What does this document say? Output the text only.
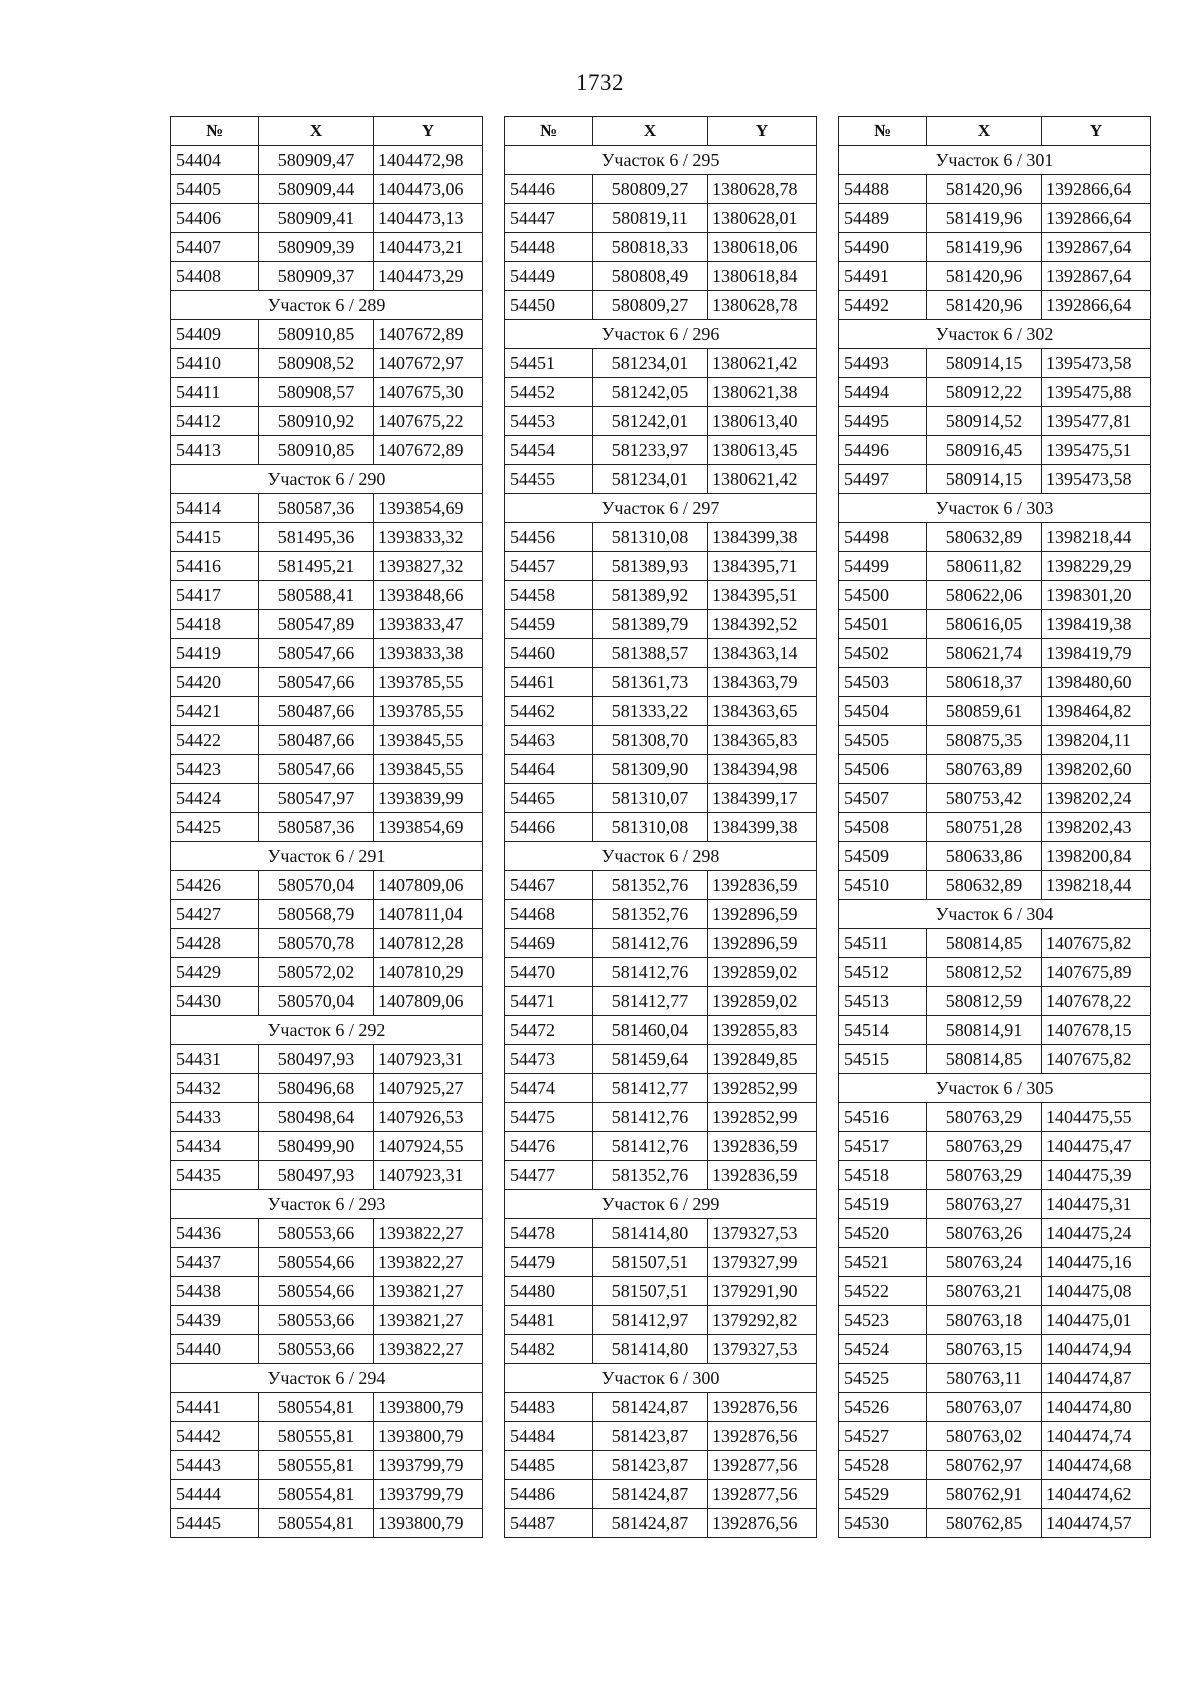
1732
№	X	Y
54404	580909,47	1404472,98
54405	580909,44	1404473,06
54406	580909,41	1404473,13
54407	580909,39	1404473,21
54408	580909,37	1404473,29
Участок 6 / 289		
54409	580910,85	1407672,89
54410	580908,52	1407672,97
54411	580908,57	1407675,30
54412	580910,92	1407675,22
54413	580910,85	1407672,89
Участок 6 / 290		
54414	580587,36	1393854,69
54415	581495,36	1393833,32
54416	581495,21	1393827,32
54417	580588,41	1393848,66
54418	580547,89	1393833,47
54419	580547,66	1393833,38
54420	580547,66	1393785,55
54421	580487,66	1393785,55
54422	580487,66	1393845,55
54423	580547,66	1393845,55
54424	580547,97	1393839,99
54425	580587,36	1393854,69
Участок 6 / 291		
54426	580570,04	1407809,06
54427	580568,79	1407811,04
54428	580570,78	1407812,28
54429	580572,02	1407810,29
54430	580570,04	1407809,06
Участок 6 / 292		
54431	580497,93	1407923,31
54432	580496,68	1407925,27
54433	580498,64	1407926,53
54434	580499,90	1407924,55
54435	580497,93	1407923,31
Участок 6 / 293		
54436	580553,66	1393822,27
54437	580554,66	1393822,27
54438	580554,66	1393821,27
54439	580553,66	1393821,27
54440	580553,66	1393822,27
Участок 6 / 294		
54441	580554,81	1393800,79
54442	580555,81	1393800,79
54443	580555,81	1393799,79
54444	580554,81	1393799,79
54445	580554,81	1393800,79
№	X	Y
Участок 6 / 295		
54446	580809,27	1380628,78
54447	580819,11	1380628,01
54448	580818,33	1380618,06
54449	580808,49	1380618,84
54450	580809,27	1380628,78
Участок 6 / 296		
54451	581234,01	1380621,42
54452	581242,05	1380621,38
54453	581242,01	1380613,40
54454	581233,97	1380613,45
54455	581234,01	1380621,42
Участок 6 / 297		
54456	581310,08	1384399,38
54457	581389,93	1384395,71
54458	581389,92	1384395,51
54459	581389,79	1384392,52
54460	581388,57	1384363,14
54461	581361,73	1384363,79
54462	581333,22	1384363,65
54463	581308,70	1384365,83
54464	581309,90	1384394,98
54465	581310,07	1384399,17
54466	581310,08	1384399,38
Участок 6 / 298		
54467	581352,76	1392836,59
54468	581352,76	1392896,59
54469	581412,76	1392896,59
54470	581412,76	1392859,02
54471	581412,77	1392859,02
54472	581460,04	1392855,83
54473	581459,64	1392849,85
54474	581412,77	1392852,99
54475	581412,76	1392852,99
54476	581412,76	1392836,59
54477	581352,76	1392836,59
Участок 6 / 299		
54478	581414,80	1379327,53
54479	581507,51	1379327,99
54480	581507,51	1379291,90
54481	581412,97	1379292,82
54482	581414,80	1379327,53
Участок 6 / 300		
54483	581424,87	1392876,56
54484	581423,87	1392876,56
54485	581423,87	1392877,56
54486	581424,87	1392877,56
54487	581424,87	1392876,56
№	X	Y
Участок 6 / 301		
54488	581420,96	1392866,64
54489	581419,96	1392866,64
54490	581419,96	1392867,64
54491	581420,96	1392867,64
54492	581420,96	1392866,64
Участок 6 / 302		
54493	580914,15	1395473,58
54494	580912,22	1395475,88
54495	580914,52	1395477,81
54496	580916,45	1395475,51
54497	580914,15	1395473,58
Участок 6 / 303		
54498	580632,89	1398218,44
54499	580611,82	1398229,29
54500	580622,06	1398301,20
54501	580616,05	1398419,38
54502	580621,74	1398419,79
54503	580618,37	1398480,60
54504	580859,61	1398464,82
54505	580875,35	1398204,11
54506	580763,89	1398202,60
54507	580753,42	1398202,24
54508	580751,28	1398202,43
54509	580633,86	1398200,84
54510	580632,89	1398218,44
Участок 6 / 304		
54511	580814,85	1407675,82
54512	580812,52	1407675,89
54513	580812,59	1407678,22
54514	580814,91	1407678,15
54515	580814,85	1407675,82
Участок 6 / 305		
54516	580763,29	1404475,55
54517	580763,29	1404475,47
54518	580763,29	1404475,39
54519	580763,27	1404475,31
54520	580763,26	1404475,24
54521	580763,24	1404475,16
54522	580763,21	1404475,08
54523	580763,18	1404475,01
54524	580763,15	1404474,94
54525	580763,11	1404474,87
54526	580763,07	1404474,80
54527	580763,02	1404474,74
54528	580762,97	1404474,68
54529	580762,91	1404474,62
54530	580762,85	1404474,57
